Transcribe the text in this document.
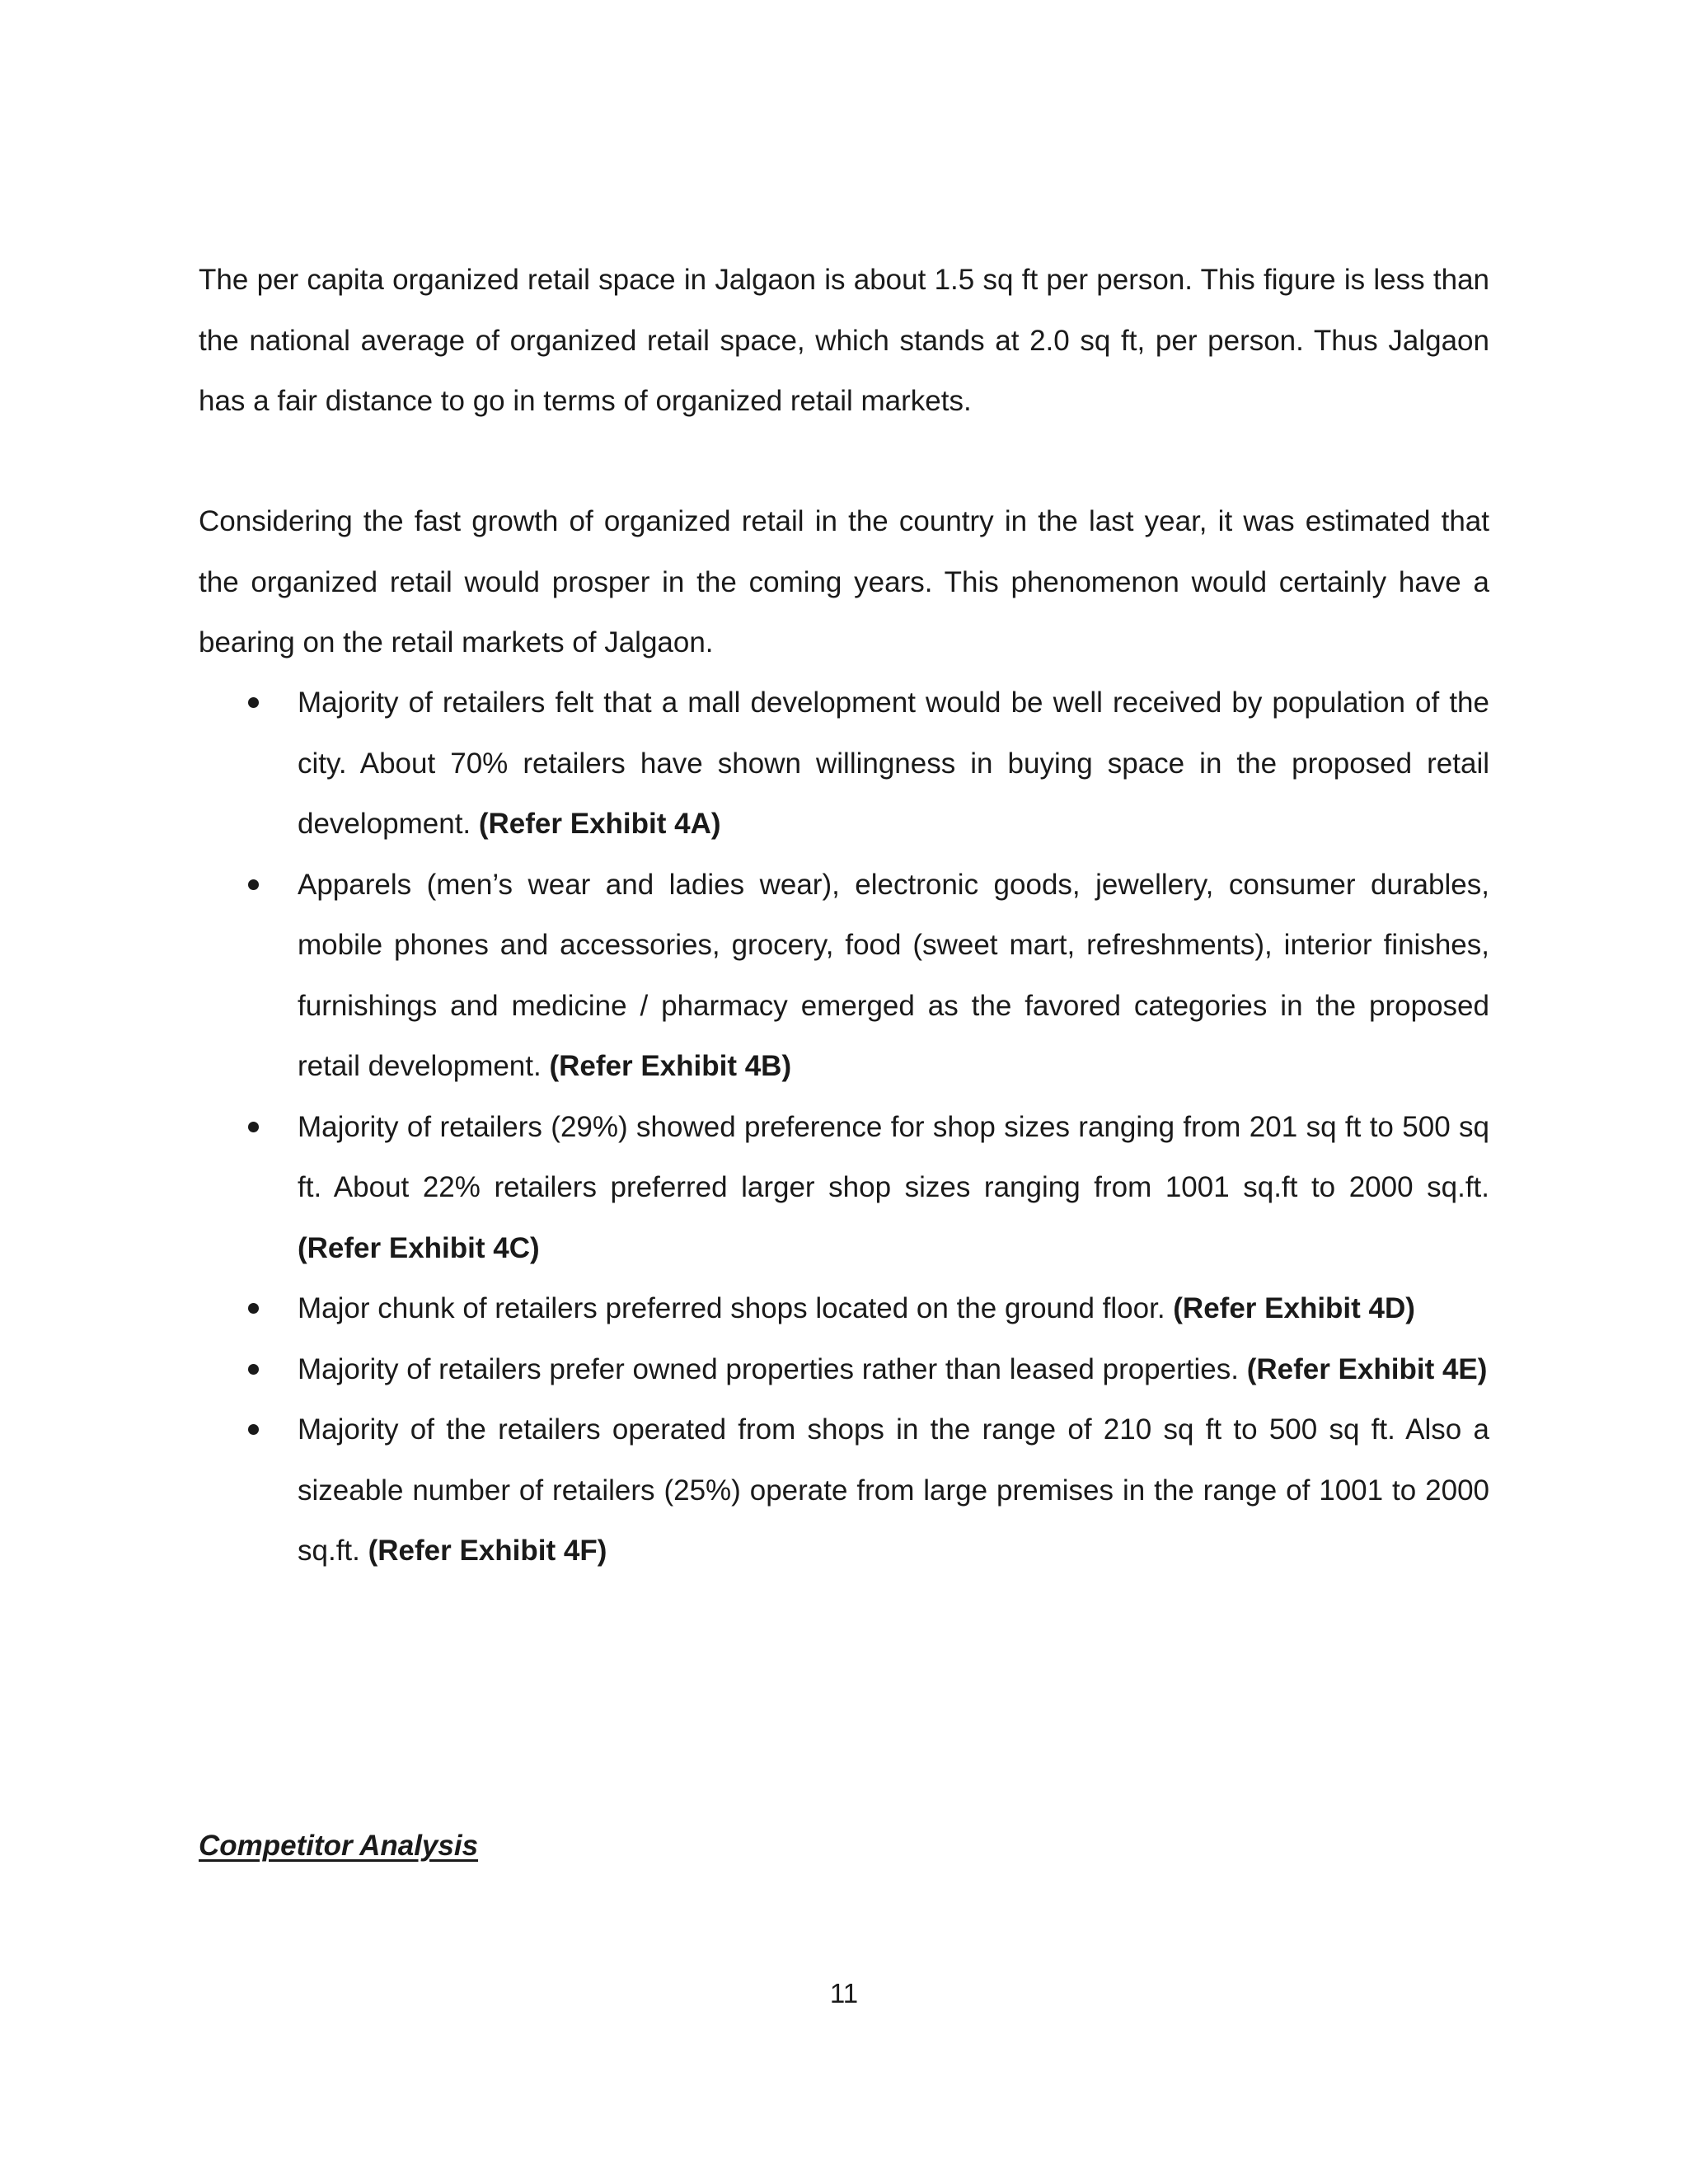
The per capita organized retail space in Jalgaon is about 1.5 sq ft per person. This figure is less than the national average of organized retail space, which stands at 2.0 sq ft, per person. Thus Jalgaon has a fair distance to go in terms of organized retail markets.

Considering the fast growth of organized retail in the country in the last year, it was estimated that the organized retail would prosper in the coming years. This phenomenon would certainly have a bearing on the retail markets of Jalgaon.

Majority of retailers felt that a mall development would be well received by population of the city. About 70% retailers have shown willingness in buying space in the proposed retail development. (Refer Exhibit 4A)
Apparels (men’s wear and ladies wear), electronic goods, jewellery, consumer durables, mobile phones and accessories, grocery, food (sweet mart, refreshments), interior finishes, furnishings and medicine / pharmacy emerged as the favored categories in the proposed retail development. (Refer Exhibit 4B)
Majority of retailers (29%) showed preference for shop sizes ranging from 201 sq ft to 500 sq ft. About 22% retailers preferred larger shop sizes ranging from 1001 sq.ft to 2000 sq.ft. (Refer Exhibit 4C)
Major chunk of retailers preferred shops located on the ground floor. (Refer Exhibit 4D)
Majority of retailers prefer owned properties rather than leased properties. (Refer Exhibit 4E)
Majority of the retailers operated from shops in the range of 210 sq ft to 500 sq ft. Also a sizeable number of retailers (25%) operate from large premises in the range of 1001 to 2000 sq.ft. (Refer Exhibit 4F)
Competitor Analysis
11
